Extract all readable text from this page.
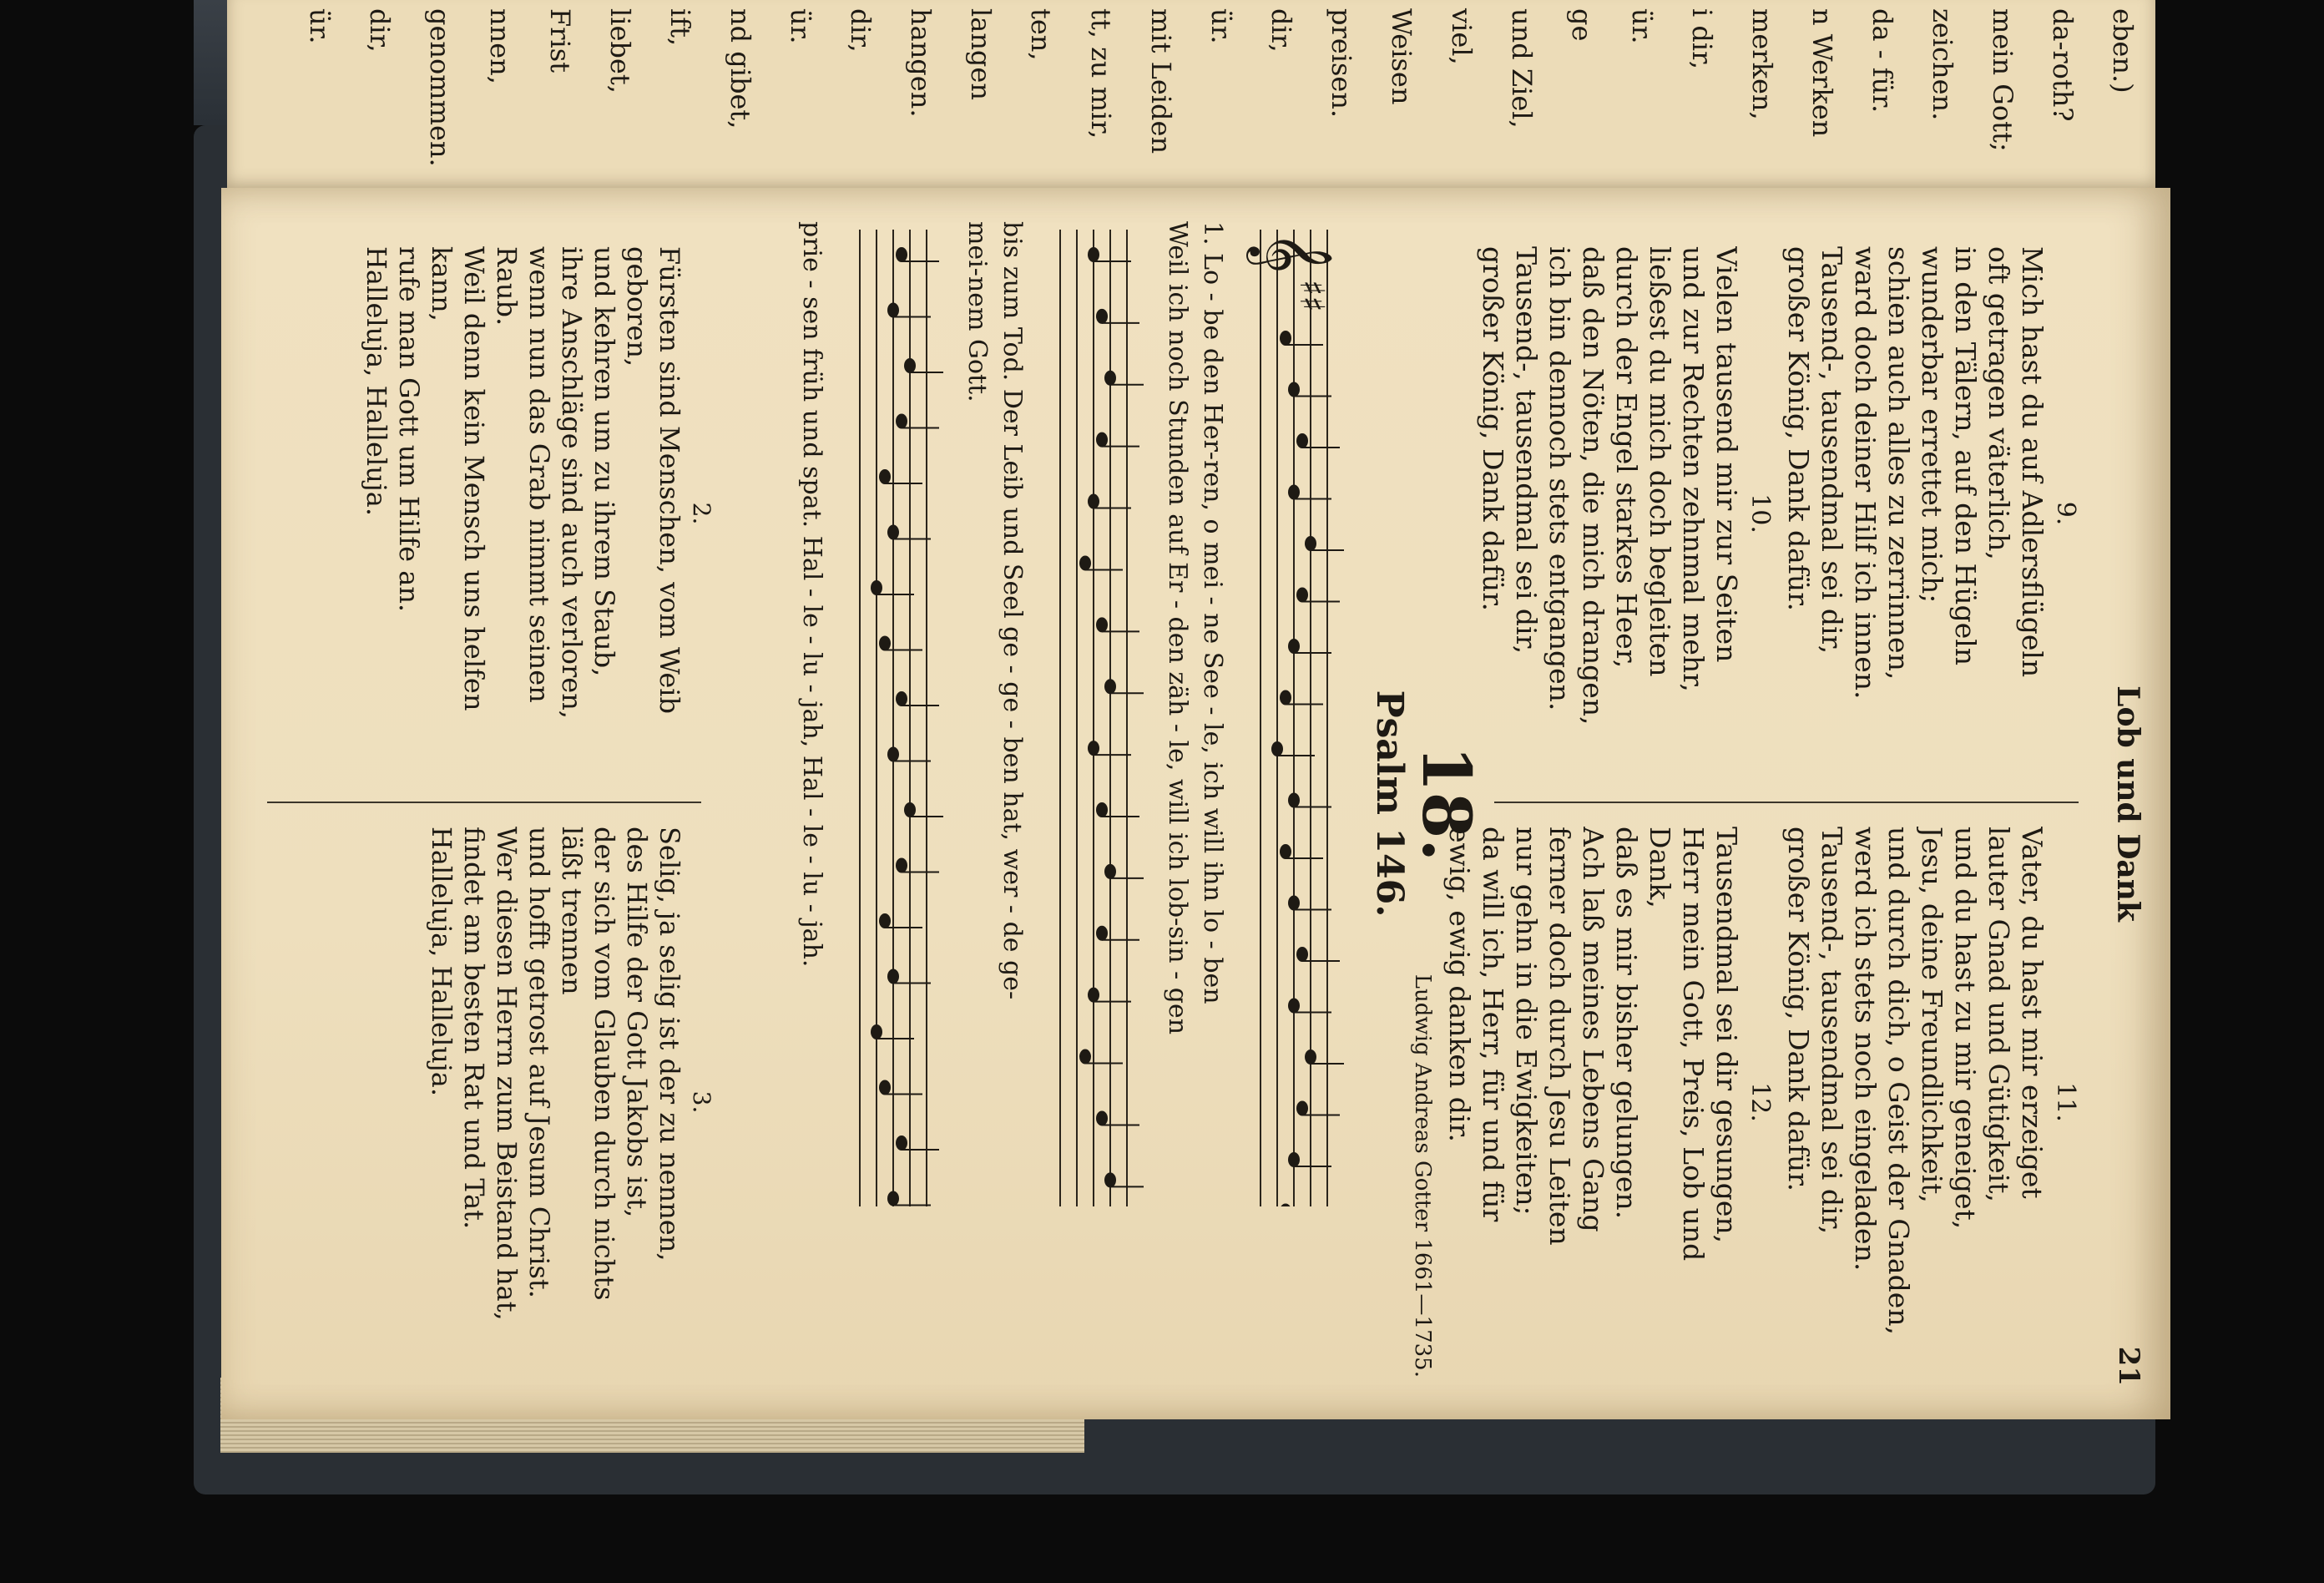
eben.)
da-roth?
mein Gott;
zeichen.
da - für.
n Werken
merken,
i dir,
ür.
ge
und Ziel,
viel,
Weisen
preisen.
dir,
ür.
mit Leiden
tt, zu mir,
ten,
langen
hangen.
dir,
ür.
nd gibet,
ift,
liebet,
Frist
nnen,
genommen.
dir,
ür.
Lob und Dank
21
9.
Mich hast du auf Adlersflügeln
oft getragen väterlich,
in den Tälern, auf den Hügeln
wunderbar errettet mich;
schien auch alles zu zerrinnen,
ward doch deiner Hilf ich innen.
Tausend-, tausendmal sei dir,
großer König, Dank dafür.
10.
Vielen tausend mir zur Seiten
und zur Rechten zehnmal mehr,
ließest du mich doch begleiten
durch der Engel starkes Heer,
daß den Nöten, die mich drangen,
ich bin dennoch stets entgangen.
Tausend-, tausendmal sei dir,
großer König, Dank dafür.
11.
Vater, du hast mir erzeiget
lauter Gnad und Gütigkeit,
und du hast zu mir geneiget,
Jesu, deine Freundlichkeit,
und durch dich, o Geist der Gnaden,
werd ich stets noch eingeladen.
Tausend-, tausendmal sei dir,
großer König, Dank dafür.
12.
Tausendmal sei dir gesungen,
Herr mein Gott, Preis, Lob und
Dank,
daß es mir bisher gelungen.
Ach laß meines Lebens Gang
ferner doch durch Jesu Leiten
nur gehn in die Ewigkeiten;
da will ich, Herr, für und für
ewig, ewig danken dir.
Ludwig Andreas Gotter 1661—1735.
18.
Psalm 146.
𝄞
♯♯
1. Lo - be den Her-ren, o mei - ne See - le, ich will ihn lo - ben
Weil ich noch Stunden auf Er - den zäh - le, will ich lob-sin - gen
bis zum Tod. Der Leib und Seel ge - ge - ben hat, wer - de ge-
mei-nem Gott.
prie - sen früh und spat. Hal - le - lu - jah, Hal - le - lu - jah.
2.
Fürsten sind Menschen, vom Weib
geboren,
und kehren um zu ihrem Staub,
ihre Anschläge sind auch verloren,
wenn nun das Grab nimmt seinen
Raub.
Weil denn kein Mensch uns helfen
kann,
rufe man Gott um Hilfe an.
Halleluja, Halleluja.
3.
Selig, ja selig ist der zu nennen,
des Hilfe der Gott Jakobs ist,
der sich vom Glauben durch nichts
läßt trennen
und hofft getrost auf Jesum Christ.
Wer diesen Herrn zum Beistand hat,
findet am besten Rat und Tat.
Halleluja, Halleluja.
